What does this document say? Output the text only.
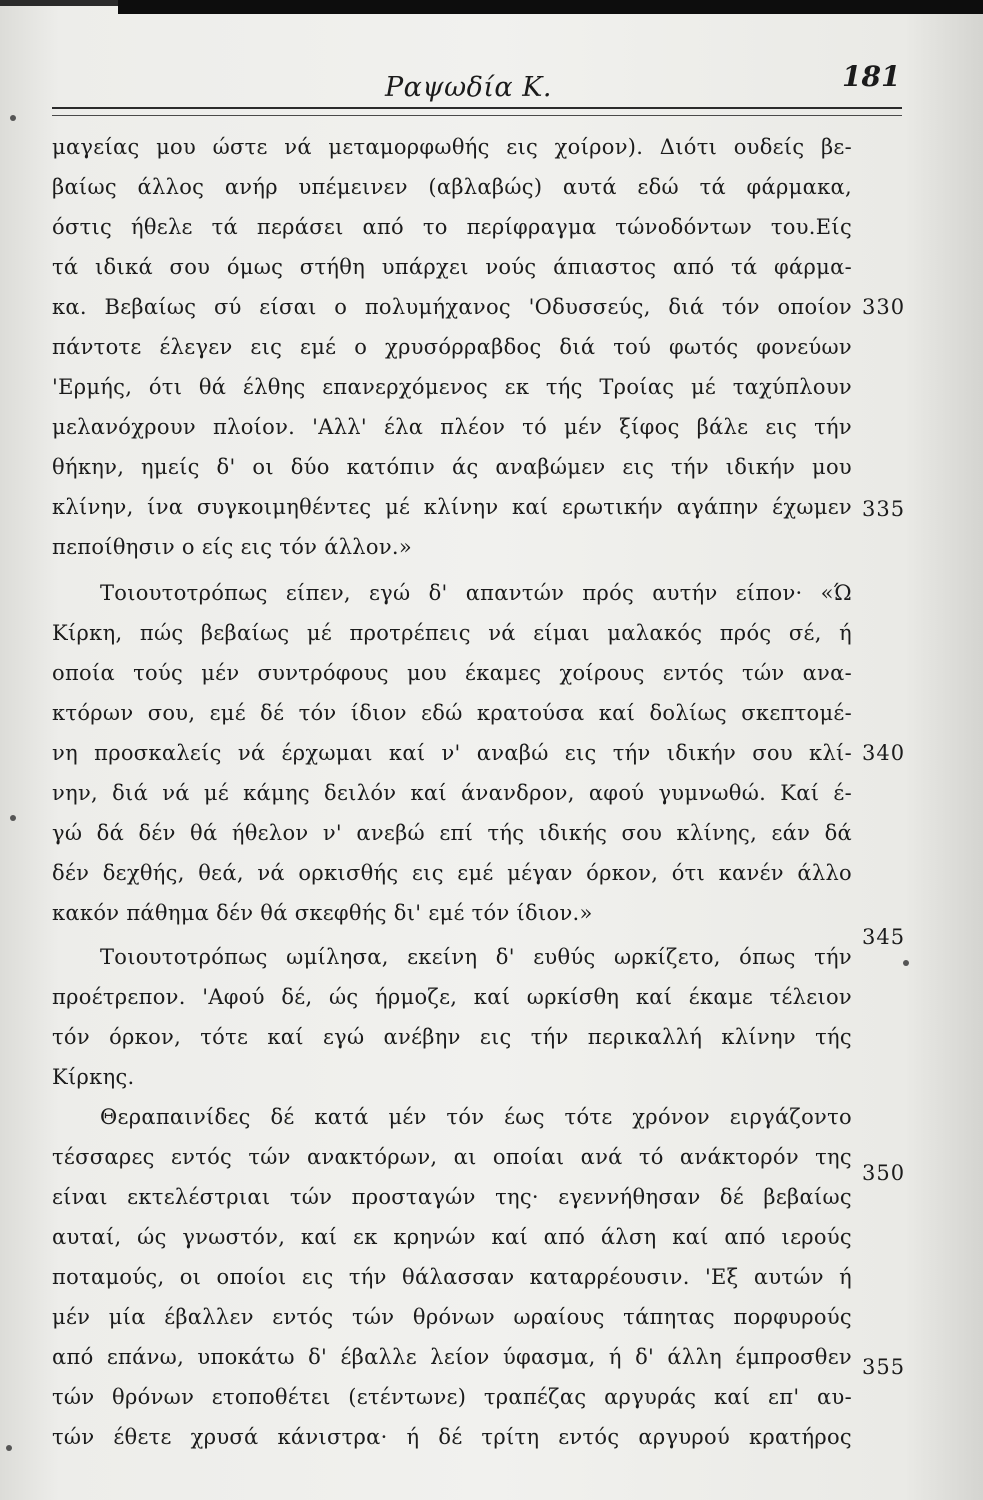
Ραψωδία Κ.	181
μαγείας μου ώστε νά μεταμορφωθής εις χοίρον). Διότι ουδείς βε-
βαίως άλλος ανήρ υπέμεινεν (αβλαβώς) αυτά εδώ τά φάρμακα,
όστις ήθελε τά περάσει από το περίφραγμα τώνοδόντων του.Είς
τά ιδικά σου όμως στήθη υπάρχει νούς άπιαστος από τά φάρμα-
κα. Βεβαίως σύ είσαι ο πολυμήχανος 'Οδυσσεύς, διά τόν οποίον
πάντοτε έλεγεν εις εμέ ο χρυσόρραβδος διά τού φωτός φονεύων
'Ερμής, ότι θά έλθης επανερχόμενος εκ τής Τροίας μέ ταχύπλουν
μελανόχρουν πλοίον. 'Αλλ' έλα πλέον τό μέν ξίφος βάλε εις τήν
θήκην, ημείς δ' οι δύο κατόπιν άς αναβώμεν εις τήν ιδικήν μου
κλίνην, ίνα συγκοιμηθέντες μέ κλίνην καί ερωτικήν αγάπην έχωμεν
πεποίθησιν ο είς εις τόν άλλον.»
Τοιουτοτρόπως είπεν, εγώ δ' απαντών πρός αυτήν είπον· «Ώ
Κίρκη, πώς βεβαίως μέ προτρέπεις νά είμαι μαλακός πρός σέ, ή
οποία τούς μέν συντρόφους μου έκαμες χοίρους εντός τών ανα-
κτόρων σου, εμέ δέ τόν ίδιον εδώ κρατούσα καί δολίως σκεπτομέ-
νη προσκαλείς νά έρχωμαι καί ν' αναβώ εις τήν ιδικήν σου κλί-
νην, διά νά μέ κάμης δειλόν καί άνανδρον, αφού γυμνωθώ. Καί έ-
γώ δά δέν θά ήθελον ν' ανεβώ επί τής ιδικής σου κλίνης, εάν δά
δέν δεχθής, θεά, νά ορκισθής εις εμέ μέγαν όρκον, ότι κανέν άλλο
κακόν πάθημα δέν θά σκεφθής δι' εμέ τόν ίδιον.»
Τοιουτοτρόπως ωμίλησα, εκείνη δ' ευθύς ωρκίζετο, όπως τήν
προέτρεπον. 'Αφού δέ, ώς ήρμοζε, καί ωρκίσθη καί έκαμε τέλειον
τόν όρκον, τότε καί εγώ ανέβην εις τήν περικαλλή κλίνην τής
Κίρκης.
Θεραπαινίδες δέ κατά μέν τόν έως τότε χρόνον ειργάζοντο
τέσσαρες εντός τών ανακτόρων, αι οποίαι ανά τό ανάκτορόν της
είναι εκτελέστριαι τών προσταγών της· εγεννήθησαν δέ βεβαίως
αυταί, ώς γνωστόν, καί εκ κρηνών καί από άλση καί από ιερούς
ποταμούς, οι οποίοι εις τήν θάλασσαν καταρρέουσιν. 'Εξ αυτών ή
μέν μία έβαλλεν εντός τών θρόνων ωραίους τάπητας πορφυρούς
από επάνω, υποκάτω δ' έβαλλε λείον ύφασμα, ή δ' άλλη έμπροσθεν
τών θρόνων ετοποθέτει (ετέντωνε) τραπέζας αργυράς καί επ' αυ-
τών έθετε χρυσά κάνιστρα· ή δέ τρίτη εντός αργυρού κρατήρος
330
335
340
345
350
355
